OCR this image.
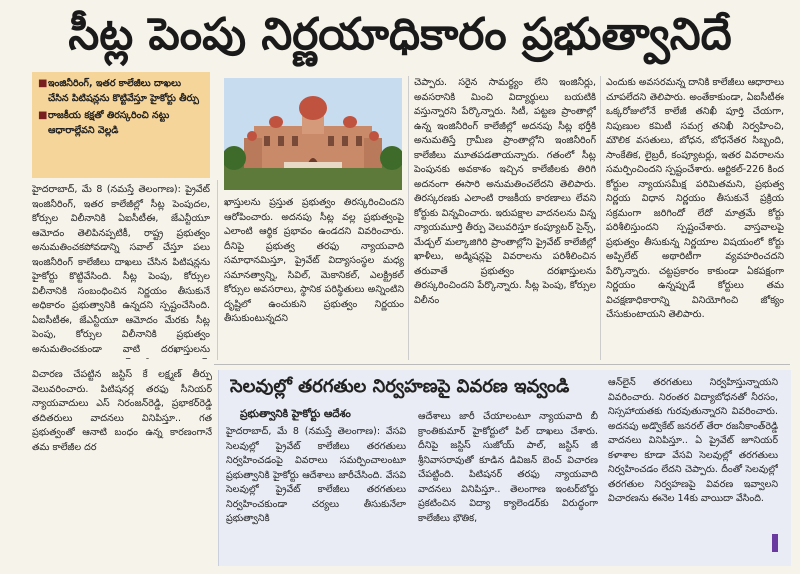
సీట్ల పెంపు నిర్ణయాధికారం ప్రభుత్వానిదే
■ ఇంజినీరింగ్, ఇతర కాలేజీలు దాఖలు చేసిన పిటిషన్లను కొట్టివేస్తూ హైకోర్టు తీర్పు
■ రాజకీయ కక్షతో తిరస్కరించి నట్టు ఆధారాల్లేవని వెల్లడి

హైదరాబాద్, మే 8 (నమస్తే తెలంగాణ): ప్రైవేట్ ఇంజినీరింగ్, ఇతర కాలేజీల్లో సీట్ల పెంపుదల, కోర్సుల విలీనానికి ఏఐసీటీఈ, జేఎన్టీయూ ఆమోదం తెలిపినప్పటికీ, రాష్ట్ర ప్రభుత్వం అనుమతించకపోవడాన్ని సవాల్ చేస్తూ పలు ఇంజినీరింగ్ కాలేజీలు దాఖలు చేసిన పిటిషన్లను హైకోర్టు కొట్టివేసింది. సీట్ల పెంపు, కోర్సుల విలీనానికి సంబంధించిన నిర్ణయం తీసుకునే అధికారం ప్రభుత్వానికి ఉన్నదని స్పష్టంచేసింది. ఏఐసీటీఈ, జేఎన్టీయూ ఆమోదం మేరకు సీట్ల పెంపు, కోర్సుల విలీనానికి ప్రభుత్వం అనుమతించకుండా వాటి దరఖాస్తులను

ఖాస్తులను ప్రస్తుత ప్రభుత్వం తిరస్కరించిందని ఆరోపించారు. అదనపు సీట్ల వల్ల ప్రభుత్వంపై ఎలాంటి ఆర్థిక ప్రభావం ఉండదని వివరించారు. దీనిపై ప్రభుత్వ తరఫు న్యాయవాది సమాధానమిస్తూ, ప్రైవేట్ విద్యాసంస్థల మధ్య సమానత్వాన్ని, సివిల్, మెకానికల్, ఎలక్ట్రికల్ కోర్సుల అవసరాలు, స్థానిక పరిస్థితులు అన్నింటిని దృష్టిలో ఉంచుకుని ప్రభుత్వం నిర్ణయం తీసుకుంటున్నదని

చెప్పారు. సరైన సామర్థ్యం లేని ఇంజినీర్లు, అవసరానికి మించి విద్యార్థులు బయటికి వస్తున్నారని పేర్కొన్నారు. సిటీ, పట్టణ ప్రాంతాల్లో ఉన్న ఇంజినీరింగ్ కాలేజీల్లో అదనపు సీట్ల భర్తీకి అనుమతిస్తే గ్రామీణ ప్రాంతాల్లోని ఇంజినీరింగ్ కాలేజీలు మూతపడతాయన్నారు. గతంలో సీట్ల పెంపునకు అవకాశం ఇచ్చిన కాలేజీలకు తిరిగి అదనంగా ఈసారి అనుమతించలేదని తెలిపారు. తిరస్కరణకు ఎలాంటి రాజకీయ కారణాలు లేవని కోర్టుకు విన్నవించారు. ఇరుపక్షాల వాదనలను విన్న న్యాయమూర్తి తీర్పు వెలువరిస్తూ కంప్యూటర్ సైన్స్, మేడ్చల్ మల్కాజిగిరి ప్రాంతాల్లోని ప్రైవేట్ కాలేజీల్లో ఖాళీలు, అడ్మిషన్లపై వివరాలను పరిశీలించిన తరువాతే ప్రభుత్వం దరఖాస్తులను తిరస్కరించిందని పేర్కొన్నారు. సీట్ల పెంపు, కోర్సుల విలీనం

ఎందుకు అవసరమన్న దానికి కాలేజీలు ఆధారాలు చూపలేదని తెలిపారు. అంతేకాకుండా, ఏఐసీటీఈ ఒక్కరోజులోనే కాలేజీ తనిఖీ పూర్తి చేయగా, నిపుణుల కమిటీ సమగ్ర తనిఖీ నిర్వహించి, మౌలిక వసతులు, బోధన, బోధనేతర సిబ్బంది, సాంకేతిక, లైబ్రరీ, కంప్యూటర్లు, ఇతర వివరాలను సమర్పించిందని స్పష్టంచేశారు. ఆర్టికల్-226 కింద కోర్టుల న్యాయసమీక్ష పరిమితమని, ప్రభుత్వ నిర్ణయ విధాన నిర్ణయం తీసుకునే ప్రక్రియ సక్రమంగా జరిగిందో లేదో మాత్రమే కోర్టు పరిశీలిస్తుందని స్పష్టంచేశారు. వాస్తవాలపై ప్రభుత్వం తీసుకున్న నిర్ణయాల విషయంలో కోర్టు అప్పిలేట్ అథారిటీగా వ్యవహరించదని పేర్కొన్నారు. చట్టప్రకారం కాకుండా ఏకపక్షంగా నిర్ణయం ఉన్నప్పుడే కోర్టులు తమ విచక్షణాధికారాన్ని వినియోగించి జోక్యం చేసుకుంటాయని తెలిపారు.

విచారణ చేపట్టిన జస్టిస్ కే లక్ష్మణ్ తీర్పు వెలువరించారు. పిటిషనర్ల తరఫు సీనియర్ న్యాయవాదులు ఎస్ నిరంజన్‌రెడ్డి, ప్రభాకర్‌రెడ్డి తదితరులు వాదనలు వినిపిస్తూ.. గత ప్రభుత్వంతో ఆనాటి బంధం ఉన్న కారణంగానే తమ కాలేజీల దర

సెలవుల్లో తరగతుల నిర్వహణపై వివరణ ఇవ్వండి
ప్రభుత్వానికి హైకోర్టు ఆదేశం

హైదరాబాద్, మే 8 (నమస్తే తెలంగాణ): వేసవి సెలవుల్లో ప్రైవేట్ కాలేజీలు తరగతులు నిర్వహించడంపై వివరాలు సమర్పించాలంటూ ప్రభుత్వానికి హైకోర్టు ఆదేశాలు జారీచేసింది. వేసవి సెలవుల్లో ప్రైవేట్ కాలేజీలు తరగతులు నిర్వహించకుండా చర్యలు తీసుకునేలా ప్రభుత్వానికి

ఆదేశాలు జారీ చేయాలంటూ న్యాయవాది బీ క్రాంతికుమార్ హైకోర్టులో పిల్ దాఖలు చేశారు. దీనిపై జస్టిస్ సుజోయ్ పాల్, జస్టిస్ జీ శ్రీనివాసరావుతో కూడిన డివిజన్ బెంచ్ విచారణ చేపట్టింది. పిటిషనర్ తరఫు న్యాయవాది వాదనలు వినిపిస్తూ.. తెలంగాణ ఇంటర్‌బోర్డు ప్రకటించిన విద్యా క్యాలెండర్‌కు విరుద్ధంగా కాలేజీలు భౌతిక,

ఆన్‌లైన్ తరగతులు నిర్వహిస్తున్నాయని వివరించారు. నిరంతర విద్యాబోధనతో నీరసం, నిస్సహాయతకు గురవుతున్నారని వివరించారు. అదనపు అడ్వొకేట్ జనరల్ తేరా రజనీకాంత్‌రెడ్డి వాదనలు వినిపిస్తూ.. ఏ ప్రైవేట్ జూనియర్ కళాశాల కూడా వేసవి సెలవుల్లో తరగతులు నిర్వహించడం లేదని చెప్పారు. దీంతో సెలవుల్లో తరగతుల నిర్వహణపై వివరణ ఇవ్వాలని విచారణను ఈనెల 14కు వాయిదా వేసింది.
